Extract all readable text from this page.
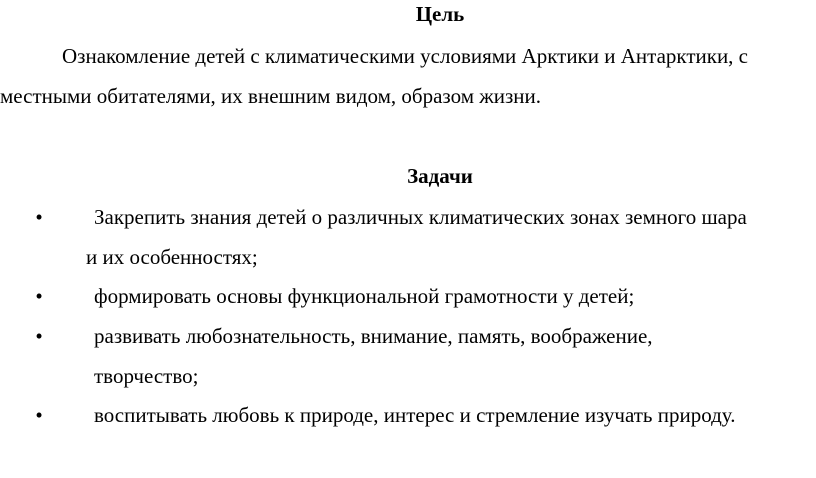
Цель
Ознакомление детей с климатическими условиями Арктики и Антарктики, с
местными обитателями, их внешним видом, образом жизни.
Задачи
• Закрепить знания детей о различных климатических зонах земного шара
и их особенностях;
• формировать основы функциональной грамотности у детей;
• развивать любознательность, внимание, память, воображение,
творчество;
• воспитывать любовь к природе, интерес и стремление изучать природу.
